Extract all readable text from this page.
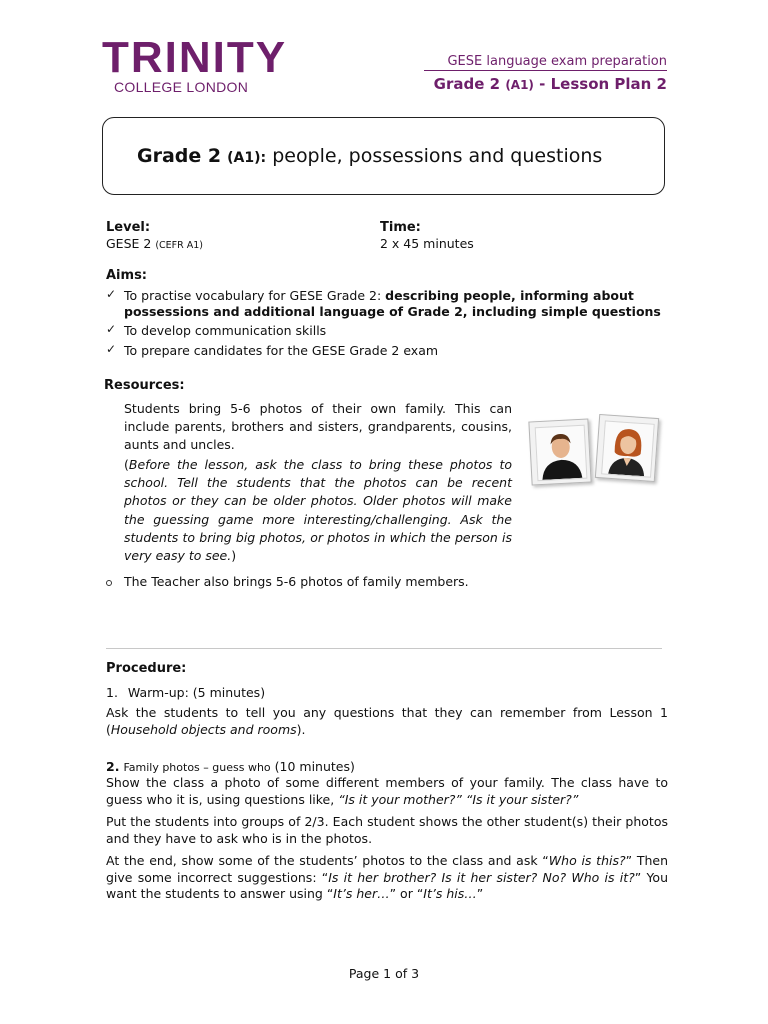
TRINITY
COLLEGE LONDON
GESE language exam preparation
Grade 2 (A1) - Lesson Plan 2
Grade 2 (A1): people, possessions and questions
Level:
GESE 2 (CEFR A1)
Time:
2 x 45 minutes
Aims:
✓ To practise vocabulary for GESE Grade 2: describing people, informing about
possessions and additional language of Grade 2, including simple questions
✓ To develop communication skills
✓ To prepare candidates for the GESE Grade 2 exam
Resources:
Students bring 5-6 photos of their own family. This can include parents, brothers and sisters, grandparents, cousins, aunts and uncles.
(Before the lesson, ask the class to bring these photos to school. Tell the students that the photos can be recent photos or they can be older photos. Older photos will make the guessing game more interesting/challenging. Ask the students to bring big photos, or photos in which the person is very easy to see.)
The Teacher also brings 5-6 photos of family members.
Procedure:
1. Warm-up: (5 minutes)
Ask the students to tell you any questions that they can remember from Lesson 1 (Household objects and rooms).
2. Family photos – guess who (10 minutes)
Show the class a photo of some different members of your family. The class have to guess who it is, using questions like, “Is it your mother?” “Is it your sister?”
Put the students into groups of 2/3. Each student shows the other student(s) their photos and they have to ask who is in the photos.
At the end, show some of the students’ photos to the class and ask “Who is this?” Then give some incorrect suggestions: “Is it her brother? Is it her sister? No? Who is it?” You want the students to answer using “It’s her…” or “It’s his…”
Page 1 of 3
